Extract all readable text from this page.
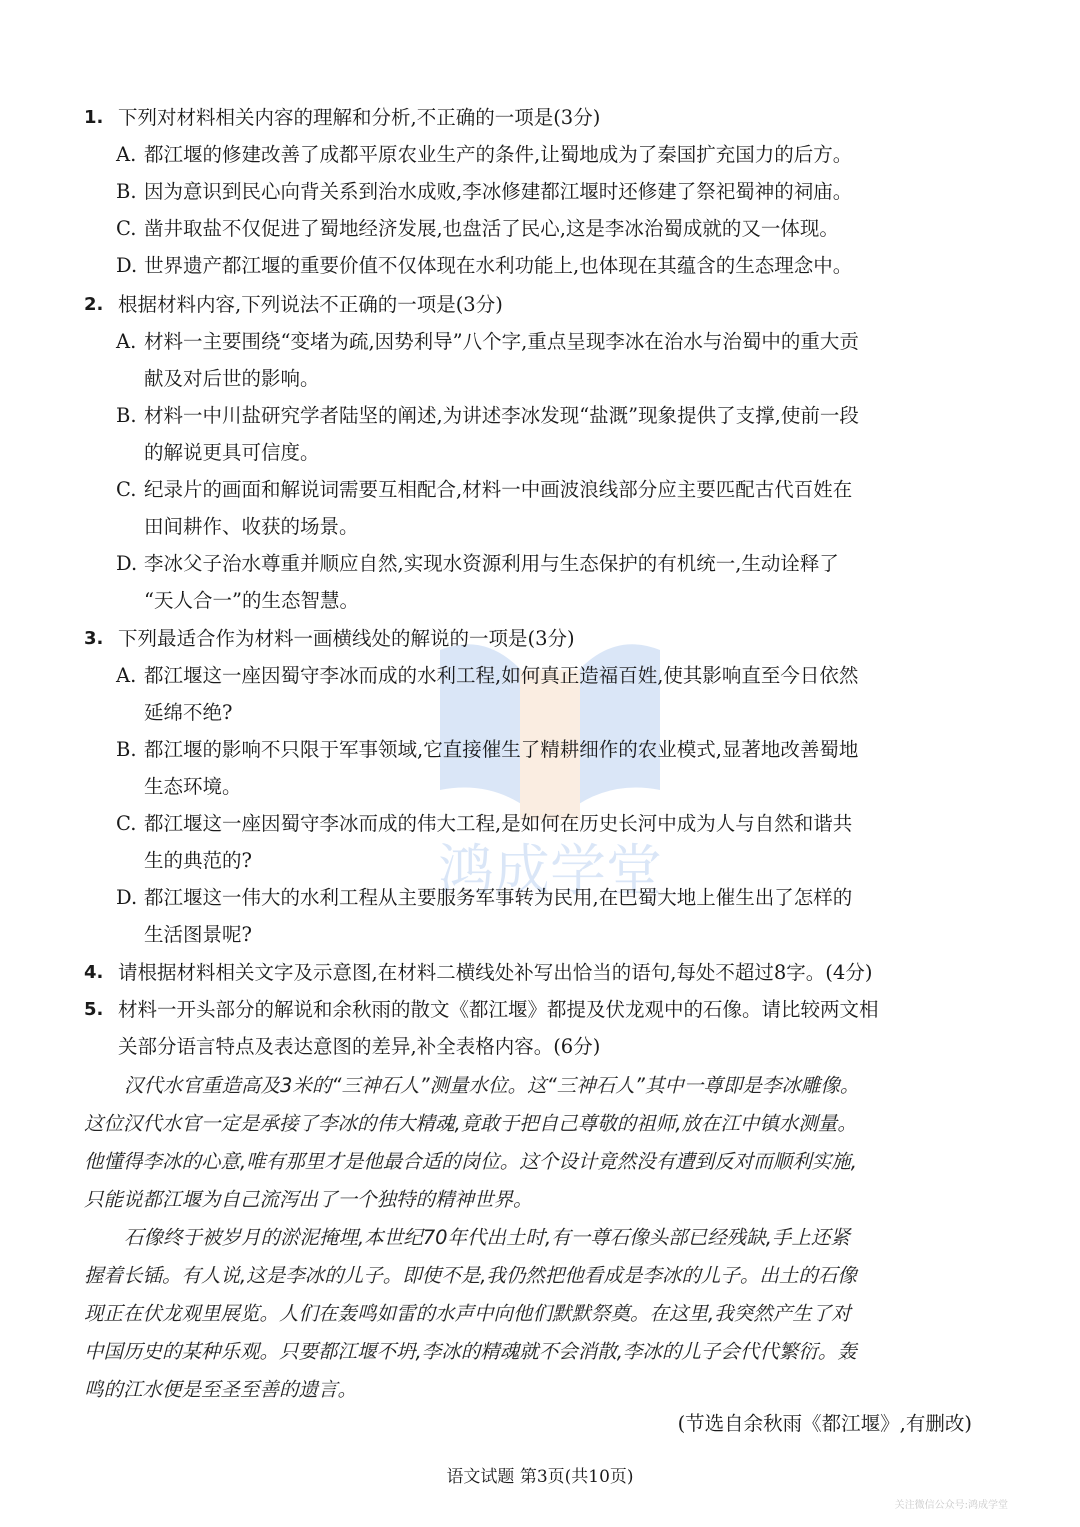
鸿成学堂
1. 下列对材料相关内容的理解和分析,不正确的一项是(3分)
A. 都江堰的修建改善了成都平原农业生产的条件,让蜀地成为了秦国扩充国力的后方。
B. 因为意识到民心向背关系到治水成败,李冰修建都江堰时还修建了祭祀蜀神的祠庙。
C. 凿井取盐不仅促进了蜀地经济发展,也盘活了民心,这是李冰治蜀成就的又一体现。
D. 世界遗产都江堰的重要价值不仅体现在水利功能上,也体现在其蕴含的生态理念中。
2. 根据材料内容,下列说法不正确的一项是(3分)
A. 材料一主要围绕“变堵为疏,因势利导”八个字,重点呈现李冰在治水与治蜀中的重大贡
献及对后世的影响。
B. 材料一中川盐研究学者陆坚的阐述,为讲述李冰发现“盐溉”现象提供了支撑,使前一段
的解说更具可信度。
C. 纪录片的画面和解说词需要互相配合,材料一中画波浪线部分应主要匹配古代百姓在
田间耕作、收获的场景。
D. 李冰父子治水尊重并顺应自然,实现水资源利用与生态保护的有机统一,生动诠释了
“天人合一”的生态智慧。
3. 下列最适合作为材料一画横线处的解说的一项是(3分)
A. 都江堰这一座因蜀守李冰而成的水利工程,如何真正造福百姓,使其影响直至今日依然
延绵不绝?
B. 都江堰的影响不只限于军事领域,它直接催生了精耕细作的农业模式,显著地改善蜀地
生态环境。
C. 都江堰这一座因蜀守李冰而成的伟大工程,是如何在历史长河中成为人与自然和谐共
生的典范的?
D. 都江堰这一伟大的水利工程从主要服务军事转为民用,在巴蜀大地上催生出了怎样的
生活图景呢?
4. 请根据材料相关文字及示意图,在材料二横线处补写出恰当的语句,每处不超过8字。(4分)
5. 材料一开头部分的解说和余秋雨的散文《都江堰》都提及伏龙观中的石像。请比较两文相
关部分语言特点及表达意图的差异,补全表格内容。(6分)
汉代水官重造高及3米的“三神石人”测量水位。这“三神石人”其中一尊即是李冰雕像。
这位汉代水官一定是承接了李冰的伟大精魂,竟敢于把自己尊敬的祖师,放在江中镇水测量。
他懂得李冰的心意,唯有那里才是他最合适的岗位。这个设计竟然没有遭到反对而顺利实施,
只能说都江堰为自己流泻出了一个独特的精神世界。
石像终于被岁月的淤泥掩埋,本世纪70年代出土时,有一尊石像头部已经残缺,手上还紧
握着长锸。有人说,这是李冰的儿子。即使不是,我仍然把他看成是李冰的儿子。出土的石像
现正在伏龙观里展览。人们在轰鸣如雷的水声中向他们默默祭奠。在这里,我突然产生了对
中国历史的某种乐观。只要都江堰不坍,李冰的精魂就不会消散,李冰的儿子会代代繁衍。轰
鸣的江水便是至圣至善的遗言。
(节选自余秋雨《都江堰》,有删改)
语文试题 第3页(共10页)
关注微信公众号:鸿成学堂
